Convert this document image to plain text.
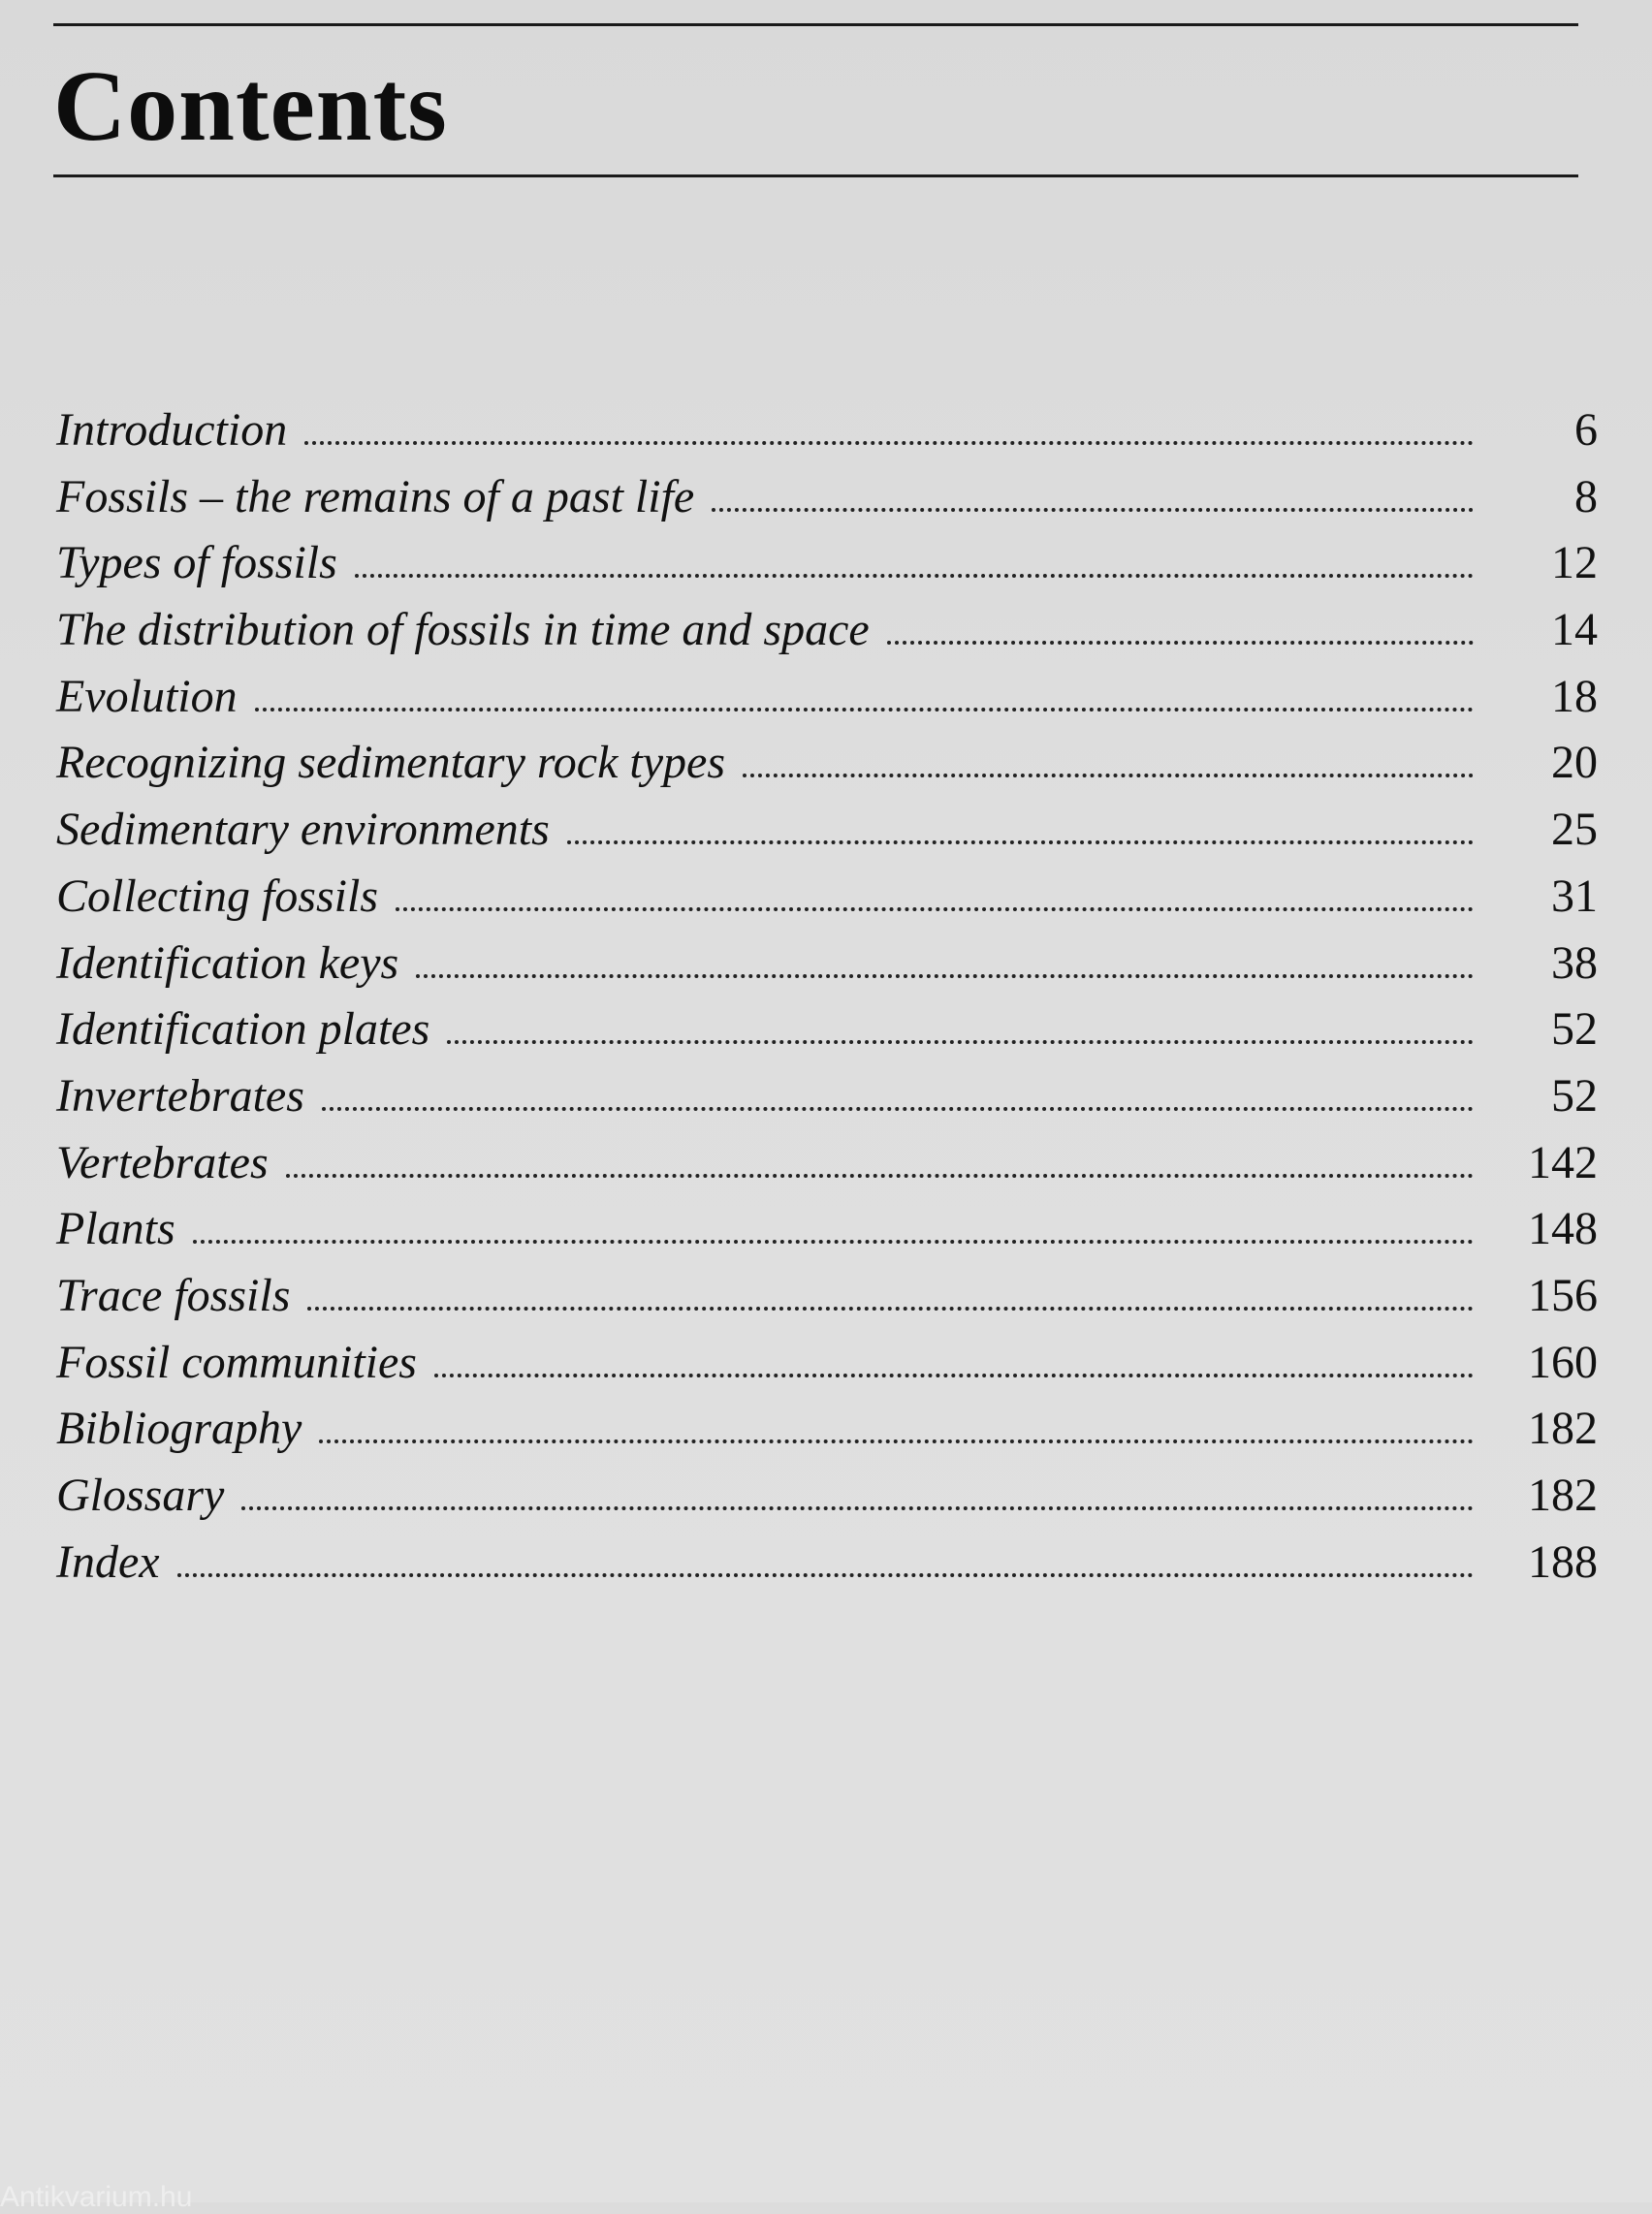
Contents
Introduction	6
Fossils – the remains of a past life	8
Types of fossils	12
The distribution of fossils in time and space	14
Evolution	18
Recognizing sedimentary rock types	20
Sedimentary environments	25
Collecting fossils	31
Identification keys	38
Identification plates	52
Invertebrates	52
Vertebrates	142
Plants	148
Trace fossils	156
Fossil communities	160
Bibliography	182
Glossary	182
Index	188
Antikvarium.hu
